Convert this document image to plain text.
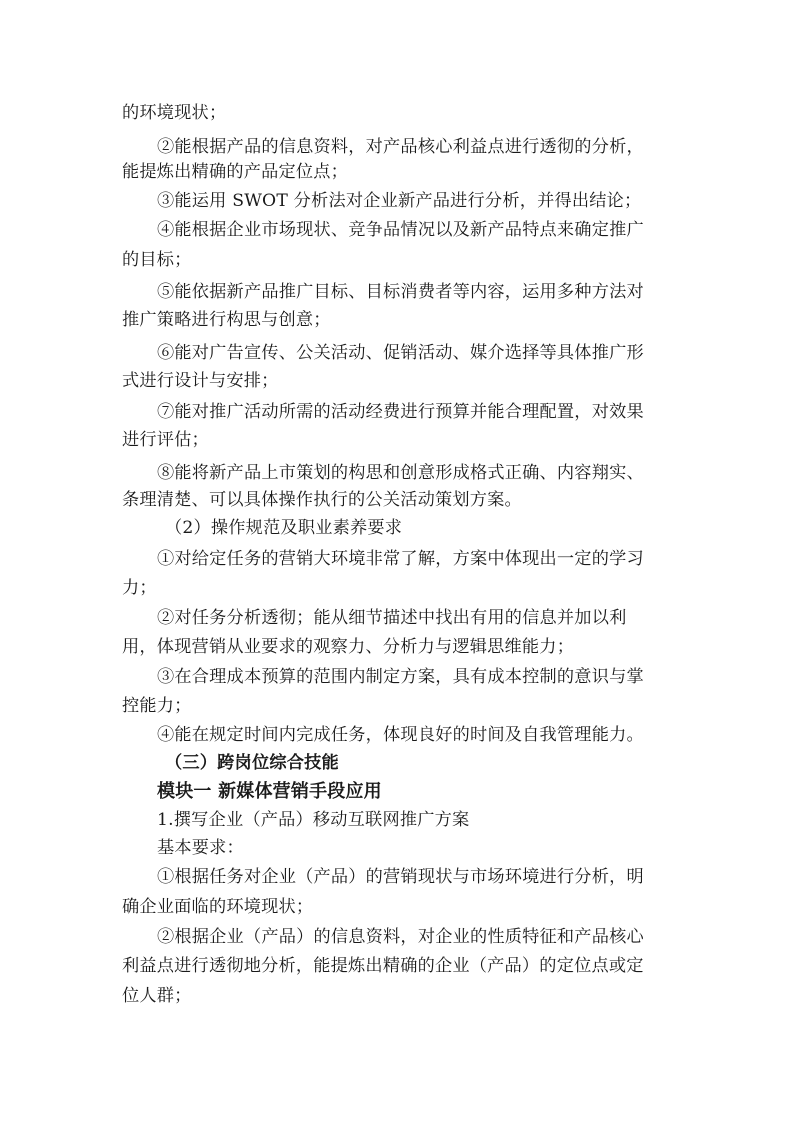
的环境现状；
②能根据产品的信息资料，对产品核心利益点进行透彻的分析，
能提炼出精确的产品定位点；
③能运用 SWOT 分析法对企业新产品进行分析，并得出结论；
④能根据企业市场现状、竞争品情况以及新产品特点来确定推广
的目标；
⑤能依据新产品推广目标、目标消费者等内容，运用多种方法对
推广策略进行构思与创意；
⑥能对广告宣传、公关活动、促销活动、媒介选择等具体推广形
式进行设计与安排；
⑦能对推广活动所需的活动经费进行预算并能合理配置，对效果
进行评估；
⑧能将新产品上市策划的构思和创意形成格式正确、内容翔实、
条理清楚、可以具体操作执行的公关活动策划方案。
（2）操作规范及职业素养要求
①对给定任务的营销大环境非常了解，方案中体现出一定的学习
力；
②对任务分析透彻；能从细节描述中找出有用的信息并加以利
用，体现营销从业要求的观察力、分析力与逻辑思维能力；
③在合理成本预算的范围内制定方案，具有成本控制的意识与掌
控能力；
④能在规定时间内完成任务，体现良好的时间及自我管理能力。
（三）跨岗位综合技能
模块一 新媒体营销手段应用
1.撰写企业（产品）移动互联网推广方案
基本要求：
①根据任务对企业（产品）的营销现状与市场环境进行分析，明
确企业面临的环境现状；
②根据企业（产品）的信息资料，对企业的性质特征和产品核心
利益点进行透彻地分析，能提炼出精确的企业（产品）的定位点或定
位人群；
